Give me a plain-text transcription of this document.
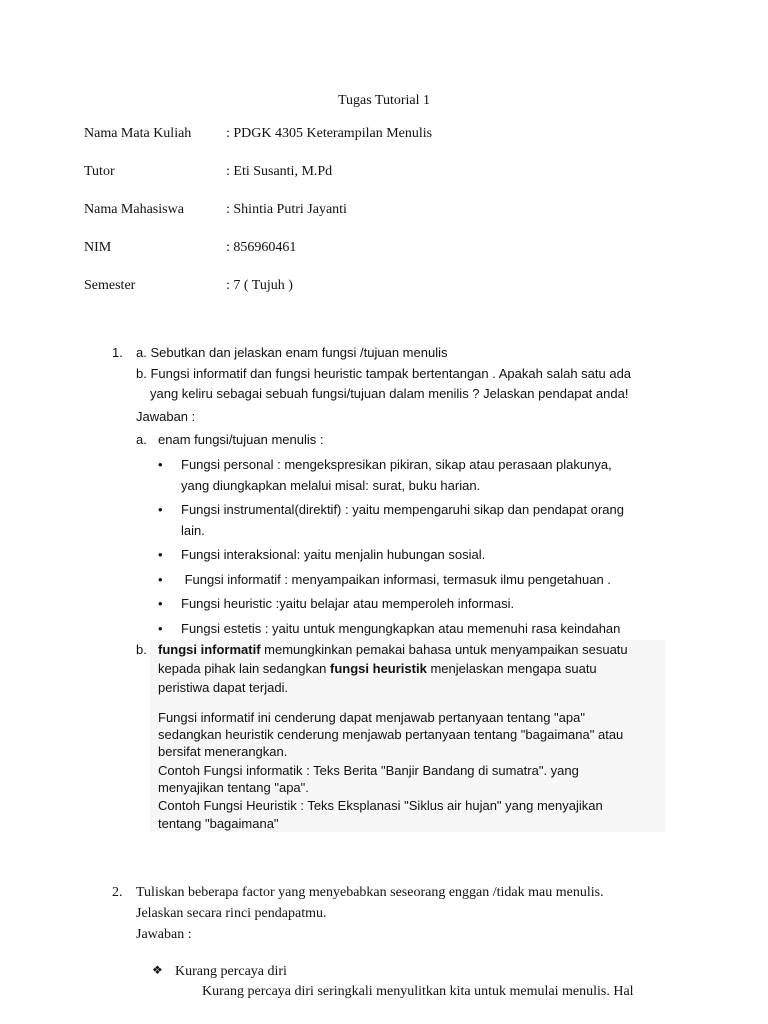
Tugas Tutorial 1
Nama Mata Kuliah : PDGK 4305 Keterampilan Menulis
Tutor	: Eti Susanti, M.Pd
Nama Mahasiswa	: Shintia Putri Jayanti
NIM	: 856960461
Semester	: 7 ( Tujuh )
1. a. Sebutkan dan jelaskan enam fungsi /tujuan menulis
b. Fungsi informatif dan fungsi heuristic tampak bertentangan . Apakah salah satu ada
yang keliru sebagai sebuah fungsi/tujuan dalam menilis ? Jelaskan pendapat anda!
Jawaban :
a. enam fungsi/tujuan menulis :
• Fungsi personal : mengekspresikan pikiran, sikap atau perasaan plakunya,
yang diungkapkan melalui misal: surat, buku harian.
• Fungsi instrumental(direktif) : yaitu mempengaruhi sikap dan pendapat orang
lain.
• Fungsi interaksional: yaitu menjalin hubungan sosial.
• Fungsi informatif : menyampaikan informasi, termasuk ilmu pengetahuan .
• Fungsi heuristic :yaitu belajar atau memperoleh informasi.
• Fungsi estetis : yaitu untuk mengungkapkan atau memenuhi rasa keindahan
b. fungsi informatif memungkinkan pemakai bahasa untuk menyampaikan sesuatu
kepada pihak lain sedangkan fungsi heuristik menjelaskan mengapa suatu
peristiwa dapat terjadi.
Fungsi informatif ini cenderung dapat menjawab pertanyaan tentang "apa"
sedangkan heuristik cenderung menjawab pertanyaan tentang "bagaimana" atau
bersifat menerangkan.
Contoh Fungsi informatik : Teks Berita "Banjir Bandang di sumatra". yang
menyajikan tentang "apa".
Contoh Fungsi Heuristik : Teks Eksplanasi "Siklus air hujan" yang menyajikan
tentang "bagaimana"
2. Tuliskan beberapa factor yang menyebabkan seseorang enggan /tidak mau menulis.
Jelaskan secara rinci pendapatmu.
Jawaban :
❖ Kurang percaya diri
Kurang percaya diri seringkali menyulitkan kita untuk memulai menulis. Hal
